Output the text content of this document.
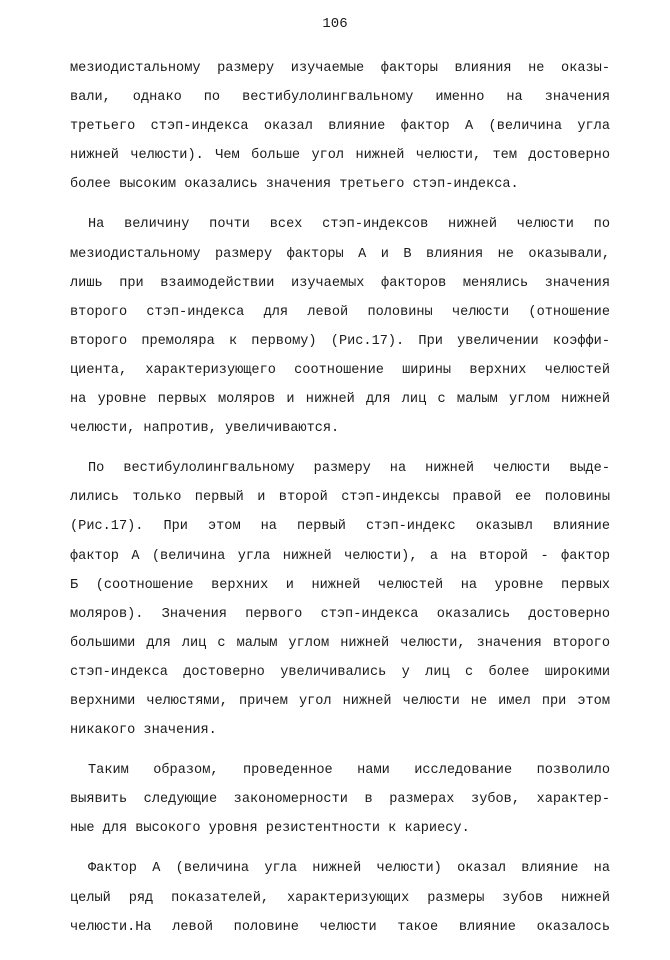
106
мезиодистальному размеру изучаемые факторы влияния не оказы-
вали, однако по вестибулолингвальному именно на значения
третьего стэп-индекса оказал влияние фактор А (величина угла
нижней челюсти). Чем больше угол нижней челюсти, тем достоверно
более высоким оказались значения третьего стэп-индекса.
На величину почти всех стэп-индексов нижней челюсти по
мезиодистальному размеру факторы А и В влияния не оказывали,
лишь при взаимодействии изучаемых факторов менялись значения
второго стэп-индекса для левой половины челюсти (отношение
второго премоляра к первому) (Рис.17). При увеличении коэффи-
циента, характеризующего соотношение ширины верхних челюстей
на уровне первых моляров и нижней для лиц с малым углом нижней
челюсти, напротив, увеличиваются.
По вестибулолингвальному размеру на нижней челюсти выде-
лились только первый и второй стэп-индексы правой ее половины
(Рис.17). При этом на первый стэп-индекс оказывл влияние
фактор А (величина угла нижней челюсти), а на второй - фактор
Б (соотношение верхних и нижней челюстей на уровне первых
моляров). Значения первого стэп-индекса оказались достоверно
большими для лиц с малым углом нижней челюсти, значения второго
стэп-индекса достоверно увеличивались у лиц с более широкими
верхними челюстями, причем угол нижней челюсти не имел при этом
никакого значения.
Таким образом, проведенное нами исследование позволило
выявить следующие закономерности в размерах зубов, характер-
ные для высокого уровня резистентности к кариесу.
Фактор А (величина угла нижней челюсти) оказал влияние на
целый ряд показателей, характеризующих размеры зубов нижней
челюсти.На левой половине челюсти такое влияние оказалось
